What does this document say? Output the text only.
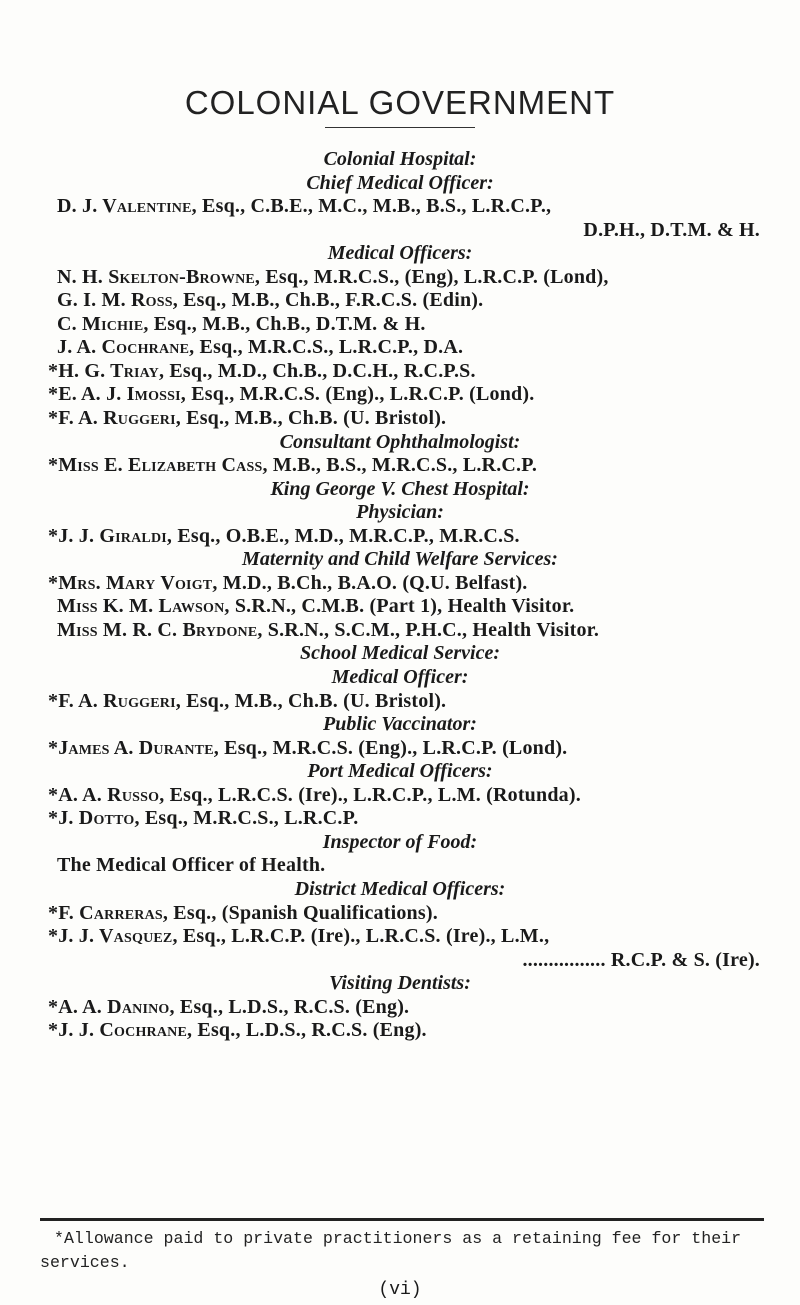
COLONIAL GOVERNMENT
Colonial Hospital:
Chief Medical Officer:
D. J. Valentine, Esq., C.B.E., M.C., M.B., B.S., L.R.C.P.,
D.P.H., D.T.M. & H.
Medical Officers:
N. H. Skelton-Browne, Esq., M.R.C.S., (Eng), L.R.C.P. (Lond),
G. I. M. Ross, Esq., M.B., Ch.B., F.R.C.S. (Edin).
C. Michie, Esq., M.B., Ch.B., D.T.M. & H.
J. A. Cochrane, Esq., M.R.C.S., L.R.C.P., D.A.
*H. G. Triay, Esq., M.D., Ch.B., D.C.H., R.C.P.S.
*E. A. J. Imossi, Esq., M.R.C.S. (Eng)., L.R.C.P. (Lond).
*F. A. Ruggeri, Esq., M.B., Ch.B. (U. Bristol).
Consultant Ophthalmologist:
*Miss E. Elizabeth Cass, M.B., B.S., M.R.C.S., L.R.C.P.
King George V. Chest Hospital:
Physician:
*J. J. Giraldi, Esq., O.B.E., M.D., M.R.C.P., M.R.C.S.
Maternity and Child Welfare Services:
*Mrs. Mary Voigt, M.D., B.Ch., B.A.O. (Q.U. Belfast).
Miss K. M. Lawson, S.R.N., C.M.B. (Part 1), Health Visitor.
Miss M. R. C. Brydone, S.R.N., S.C.M., P.H.C., Health Visitor.
School Medical Service:
Medical Officer:
*F. A. Ruggeri, Esq., M.B., Ch.B. (U. Bristol).
Public Vaccinator:
*James A. Durante, Esq., M.R.C.S. (Eng)., L.R.C.P. (Lond).
Port Medical Officers:
*A. A. Russo, Esq., L.R.C.S. (Ire)., L.R.C.P., L.M. (Rotunda).
*J. Dotto, Esq., M.R.C.S., L.R.C.P.
Inspector of Food:
The Medical Officer of Health.
District Medical Officers:
*F. Carreras, Esq., (Spanish Qualifications).
*J. J. Vasquez, Esq., L.R.C.P. (Ire)., L.R.C.S. (Ire)., L.M.,
................ R.C.P. & S. (Ire).
Visiting Dentists:
*A. A. Danino, Esq., L.D.S., R.C.S. (Eng).
*J. J. Cochrane, Esq., L.D.S., R.C.S. (Eng).
*Allowance paid to private practitioners as a retaining fee for their services.
(vi)
